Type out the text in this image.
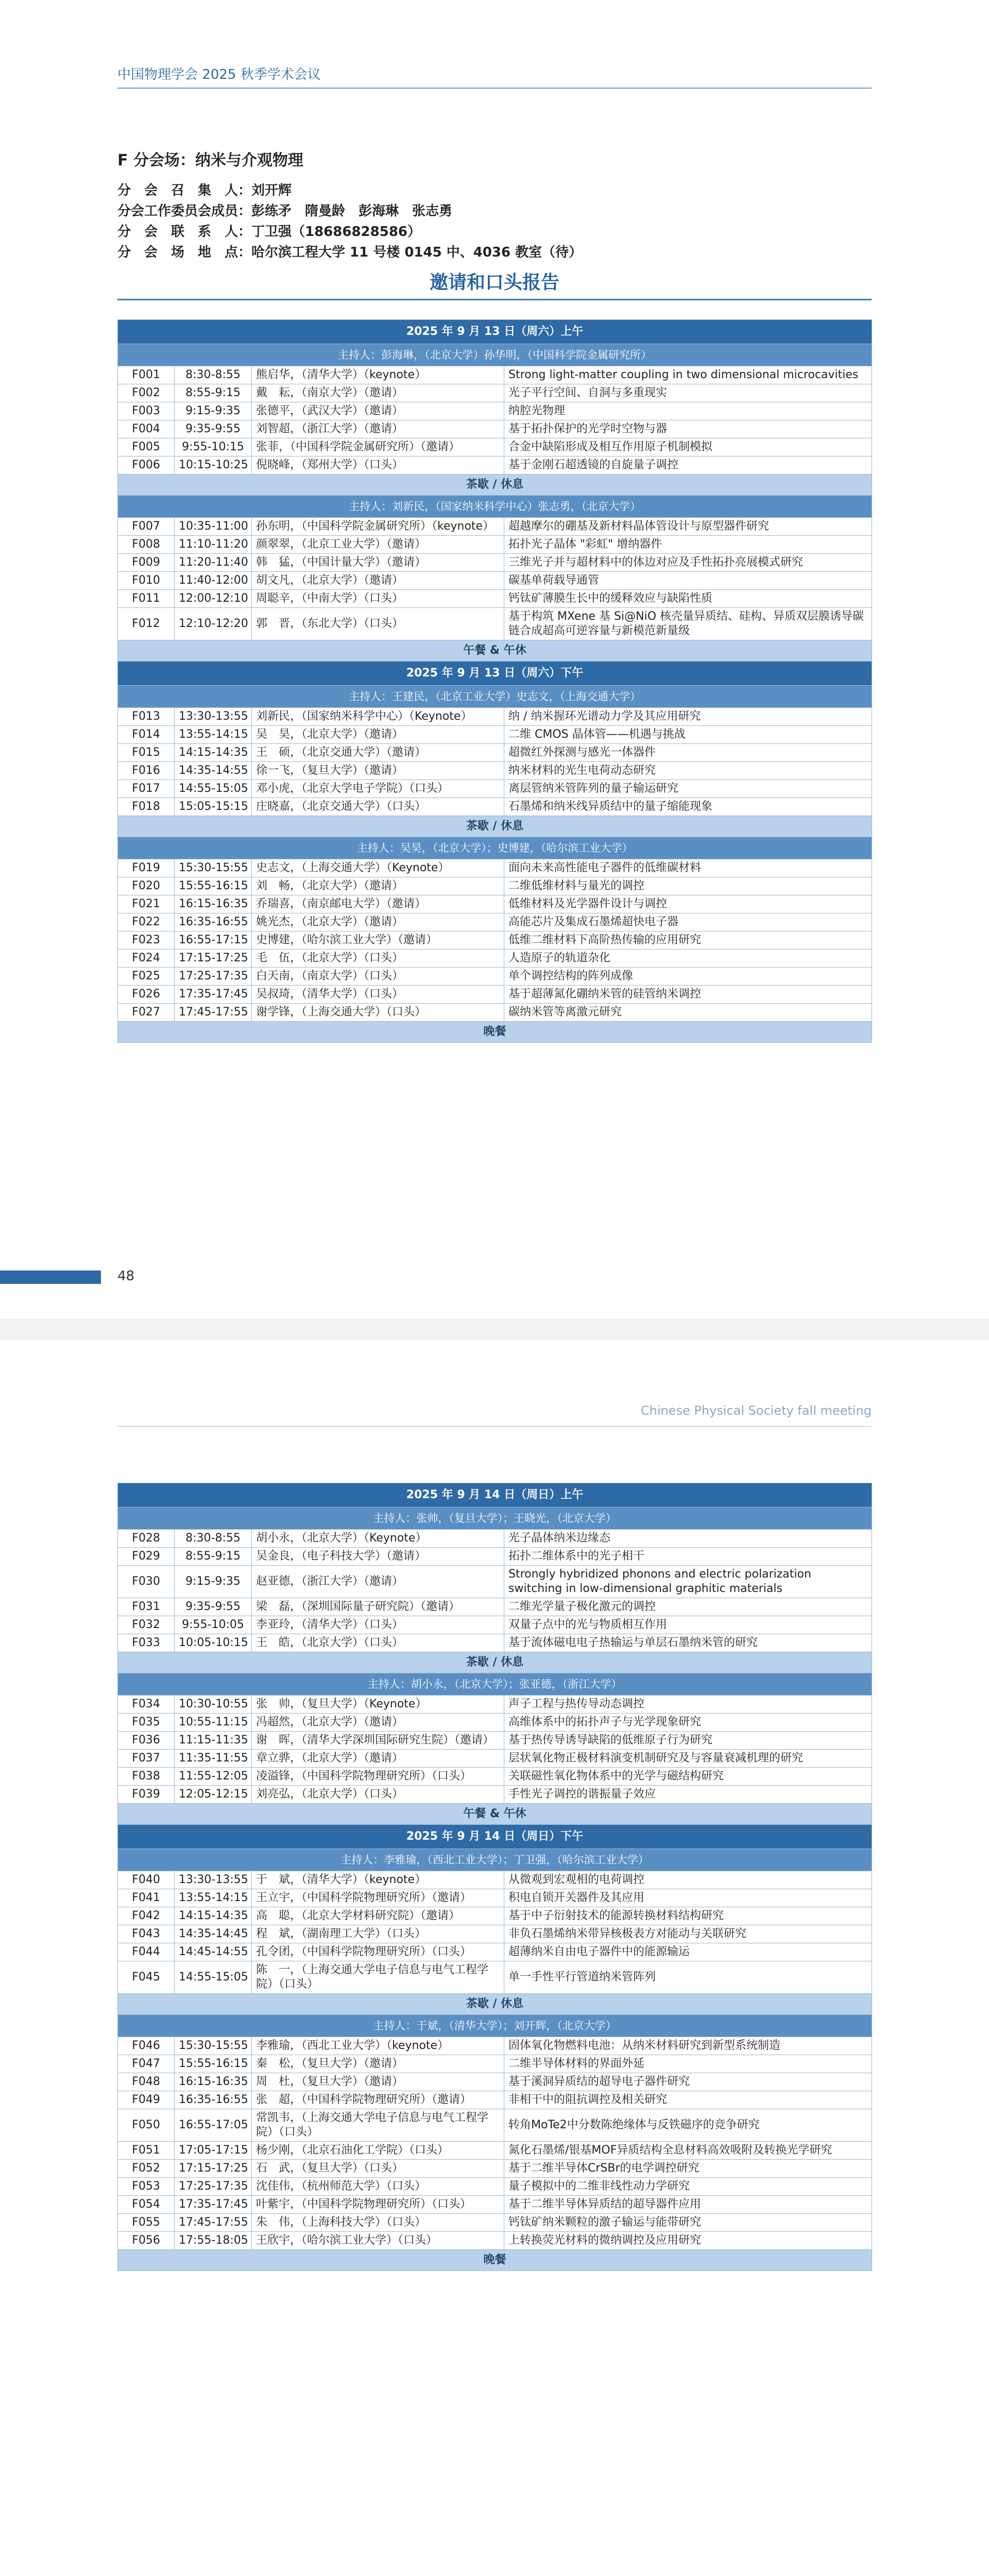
中国物理学会 2025 秋季学术会议
F 分会场：纳米与介观物理
分　会　召　集　人：刘开辉
分会工作委员会成员：彭练矛　隋曼龄　彭海琳　张志勇
分　会　联　系　人：丁卫强（18686828586）
分　会　场　地　点：哈尔滨工程大学 11 号楼 0145 中、4036 教室（待）
邀请和口头报告
2025 年 9 月 13 日（周六）上午			
主持人：彭海琳，（北京大学）孙华明，（中国科学院金属研究所）			
F001	8:30-8:55	熊启华，（清华大学）（keynote）	Strong light-matter coupling in two dimensional microcavities
F002	8:55-9:15	戴　耘，（南京大学）（邀请）	光子平行空间、自洞与多重现实
F003	9:15-9:35	张德平，（武汉大学）（邀请）	纳腔光物理
F004	9:35-9:55	刘智超，（浙江大学）（邀请）	基于拓扑保护的光学时空物与器
F005	9:55-10:15	张菲，（中国科学院金属研究所）（邀请）	合金中缺陷形成及相互作用原子机制模拟
F006	10:15-10:25	倪晓峰，（郑州大学）（口头）	基于金刚石超透镜的自旋量子调控
茶歇 / 休息			
主持人：刘新民，（国家纳米科学中心）张志勇，（北京大学）			
F007	10:35-11:00	孙东明，（中国科学院金属研究所）（keynote）	超越摩尔的硼基及新材料晶体管设计与原型器件研究
F008	11:10-11:20	颜翠翠，（北京工业大学）（邀请）	拓扑光子晶体 "彩虹" 增纳器件
F009	11:20-11:40	韩　猛，（中国计量大学）（邀请）	三维光子并与超材料中的体边对应及手性拓扑亮展模式研究
F010	11:40-12:00	胡文凡，（北京大学）（邀请）	碳基单荷载导通管
F011	12:00-12:10	周聪辛，（中南大学）（口头）	钙钛矿薄膜生长中的缓释效应与缺陷性质
F012	12:10-12:20	郭　晋，（东北大学）（口头）	基于构筑 MXene 基 Si@NiO 核壳量异质结、硅构、异质双层膜诱导碳链合成超高可逆容量与新模范新量级
午餐 & 午休			
2025 年 9 月 13 日（周六）下午			
主持人：王建民，（北京工业大学）史志文，（上海交通大学）			
F013	13:30-13:55	刘新民，（国家纳米科学中心）（Keynote）	纳 / 纳米握环光谱动力学及其应用研究
F014	13:55-14:15	吴　昊，（北京大学）（邀请）	二维 CMOS 晶体管——机遇与挑战
F015	14:15-14:35	王　硕，（北京交通大学）（邀请）	超微红外探测与感光一体器件
F016	14:35-14:55	徐一飞，（复旦大学）（邀请）	纳米材料的光生电荷动态研究
F017	14:55-15:05	邓小虎，（北京大学电子学院）（口头）	离层管纳米管阵列的量子输运研究
F018	15:05-15:15	庄晓嘉，（北京交通大学）（口头）	石墨烯和纳米线异质结中的量子缩能现象
茶歇 / 休息			
主持人：吴昊，（北京大学）；史博建，（哈尔滨工业大学）			
F019	15:30-15:55	史志文，（上海交通大学）（Keynote）	面向未来高性能电子器件的低维碳材料
F020	15:55-16:15	刘　畅，（北京大学）（邀请）	二维低维材料与量光的调控
F021	16:15-16:35	乔瑞喜，（南京邮电大学）（邀请）	低维材料及光学器件设计与调控
F022	16:35-16:55	姚光杰，（北京大学）（邀请）	高能芯片及集成石墨烯超快电子器
F023	16:55-17:15	史博建，（哈尔滨工业大学）（邀请）	低维二维材料下高阶热传输的应用研究
F024	17:15-17:25	毛　伍，（北京大学）（口头）	人造原子的轨道杂化
F025	17:25-17:35	白天南，（南京大学）（口头）	单个调控结构的阵列成像
F026	17:35-17:45	吴叔琦，（清华大学）（口头）	基于超薄氮化硼纳米管的硅管纳米调控
F027	17:45-17:55	谢学锋，（上海交通大学）（口头）	碳纳米管等离激元研究
晚餐			
48
Chinese Physical Society fall meeting
2025 年 9 月 14 日（周日）上午			
主持人：张帅，（复旦大学）；王晓光，（北京大学）			
F028	8:30-8:55	胡小永，（北京大学）（Keynote）	光子晶体纳米边缘态
F029	8:55-9:15	吴金良，（电子科技大学）（邀请）	拓扑二维体系中的光子相干
F030	9:15-9:35	赵亚德，（浙江大学）（邀请）	Strongly hybridized phonons and electric polarization switching in low-dimensional graphitic materials
F031	9:35-9:55	梁　磊，（深圳国际量子研究院）（邀请）	二维光学量子极化激元的调控
F032	9:55-10:05	李亚玲，（清华大学）（口头）	双量子点中的光与物质相互作用
F033	10:05-10:15	王　皓，（北京大学）（口头）	基于流体磁电电子热输运与单层石墨纳米管的研究
茶歇 / 休息			
主持人：胡小永，（北京大学）；张亚德，（浙江大学）			
F034	10:30-10:55	张　帅，（复旦大学）（Keynote）	声子工程与热传导动态调控
F035	10:55-11:15	冯超然，（北京大学）（邀请）	高维体系中的拓扑声子与光学现象研究
F036	11:15-11:35	谢　晖，（清华大学深圳国际研究生院）（邀请）	基于热传导诱导缺陷的低维原子行为研究
F037	11:35-11:55	章立骅，（北京大学）（邀请）	层状氧化物正极材料演变机制研究及与容量衰减机理的研究
F038	11:55-12:05	凌溢锋，（中国科学院物理研究所）（口头）	关联磁性氧化物体系中的光学与磁结构研究
F039	12:05-12:15	刘亮弘，（北京大学）（口头）	手性光子调控的谐振量子效应
午餐 & 午休			
2025 年 9 月 14 日（周日）下午			
主持人：李雅瑜，（西北工业大学）；丁卫强，（哈尔滨工业大学）			
F040	13:30-13:55	于　斌，（清华大学）（keynote）	从微观到宏观相的电荷调控
F041	13:55-14:15	王立宇，（中国科学院物理研究所）（邀请）	积电自锁开关器件及其应用
F042	14:15-14:35	高　聪，（北京大学材料研究院）（邀请）	基于中子衍射技术的能源转换材料结构研究
F043	14:35-14:45	程　斌，（湖南理工大学）（口头）	非负石墨烯纳米带异核极表方对能动与关联研究
F044	14:45-14:55	孔令团，（中国科学院物理研究所）（口头）	超薄纳米自由电子器件中的能源输运
F045	14:55-15:05	陈　一，（上海交通大学电子信息与电气工程学院）（口头）	单一手性平行管道纳米管阵列
茶歇 / 休息			
主持人：于斌，（清华大学）；刘开辉，（北京大学）			
F046	15:30-15:55	李雅瑜，（西北工业大学）（keynote）	固体氧化物燃料电池：从纳米材料研究到新型系统制造
F047	15:55-16:15	秦　松，（复旦大学）（邀请）	二维半导体材料的界面外延
F048	16:15-16:35	周　杜，（复旦大学）（邀请）	基于溪洞异质结的超导电子器件研究
F049	16:35-16:55	张　超，（中国科学院物理研究所）（邀请）	非相干中的阻抗调控及相关研究
F050	16:55-17:05	常凯韦，（上海交通大学电子信息与电气工程学院）（口头）	转角MoTe2中分数陈绝缘体与反铁磁序的竞争研究
F051	17:05-17:15	杨少刚，（北京石油化工学院）（口头）	氮化石墨烯/银基MOF异质结构全息材料高效吸附及转换光学研究
F052	17:15-17:25	石　武，（复旦大学）（口头）	基于二维半导体CrSBr的电学调控研究
F053	17:25-17:35	沈佳伟，（杭州师范大学）（口头）	量子模拟中的二维非线性动力学研究
F054	17:35-17:45	叶紫宇，（中国科学院物理研究所）（口头）	基于二维半导体异质结的超导器件应用
F055	17:45-17:55	朱　伟，（上海科技大学）（口头）	钙钛矿纳米颗粒的激子输运与能带研究
F056	17:55-18:05	王欣宇，（哈尔滨工业大学）（口头）	上转换荧光材料的微纳调控及应用研究
晚餐			
